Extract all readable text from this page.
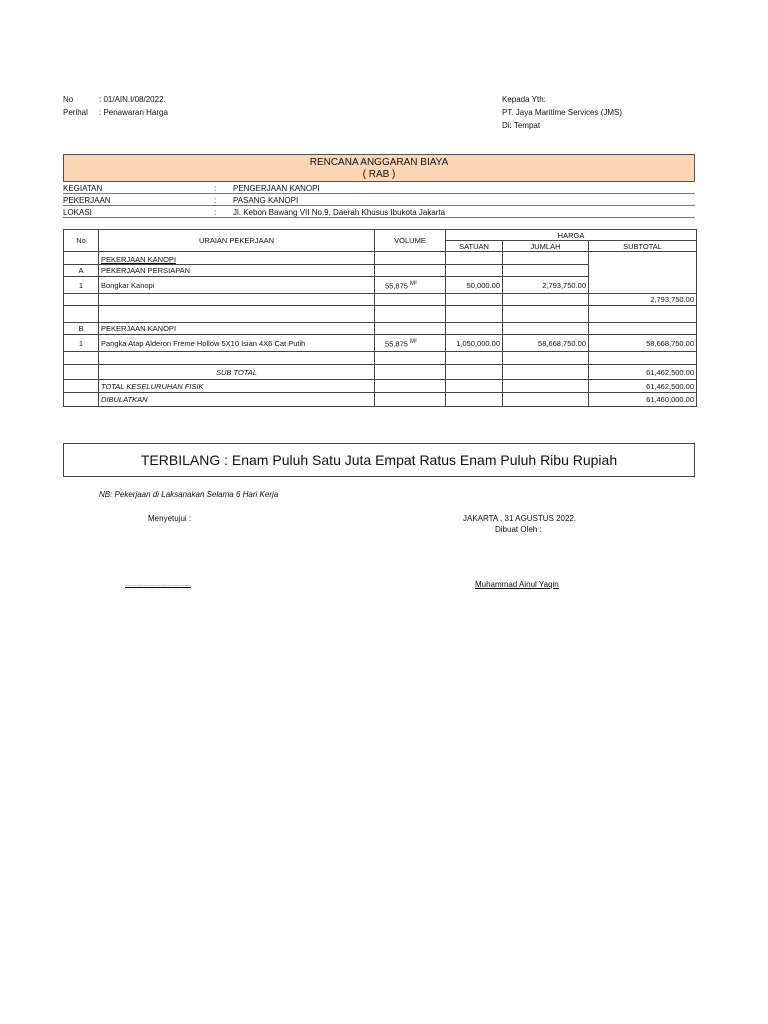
No	: 01/AIN.I/08/2022.
Perihal : Penawaran Harga
Kepada Yth:
PT. Jaya Maritime Services (JMS)
Di: Tempat
RENCANA ANGGARAN BIAYA
( RAB )
KEGIATAN	: PENGERJAAN KANOPI
PEKERJAAN	: PASANG KANOPI
LOKASI	: Jl. Kebon Bawang VII No.9, Daerah Khusus Ibukota Jakarta
No	URAIAN PEKERJAAN	VOLUME	HARGA		
			SATUAN	JUMLAH	SUBTOTAL
	PEKERJAAN KANOPI				
A	PEKERJAAN PERSIAPAN				
1	Bongkar Kanopi	55,875 $^{M^2}$	50,000.00	2,793,750.00	
					2,793,750.00

B	PEKERJAAN KANOPI				
1	Pangka Atap Alderon Freme Hollow 5X10 Isian 4X6 Cat Putih	55,875 $^{M^2}$	1,050,000.00	58,668,750.00	58,668,750.00

	SUB TOTAL				61,462,500.00
	TOTAL KESELURUHAN FISIK				61,462,500.00
	DIBULATKAN				61,460,000.00
TERBILANG : Enam Puluh Satu Juta Empat Ratus Enam Puluh Ribu Rupiah
NB: Pekerjaan di Laksanakan Selama 6 Hari Kerja
Menyetujui :	JAKARTA , 31 AGUSTUS 2022.
Dibuat Oleh :
……………………………	Muhammad Ainul Yaqin
